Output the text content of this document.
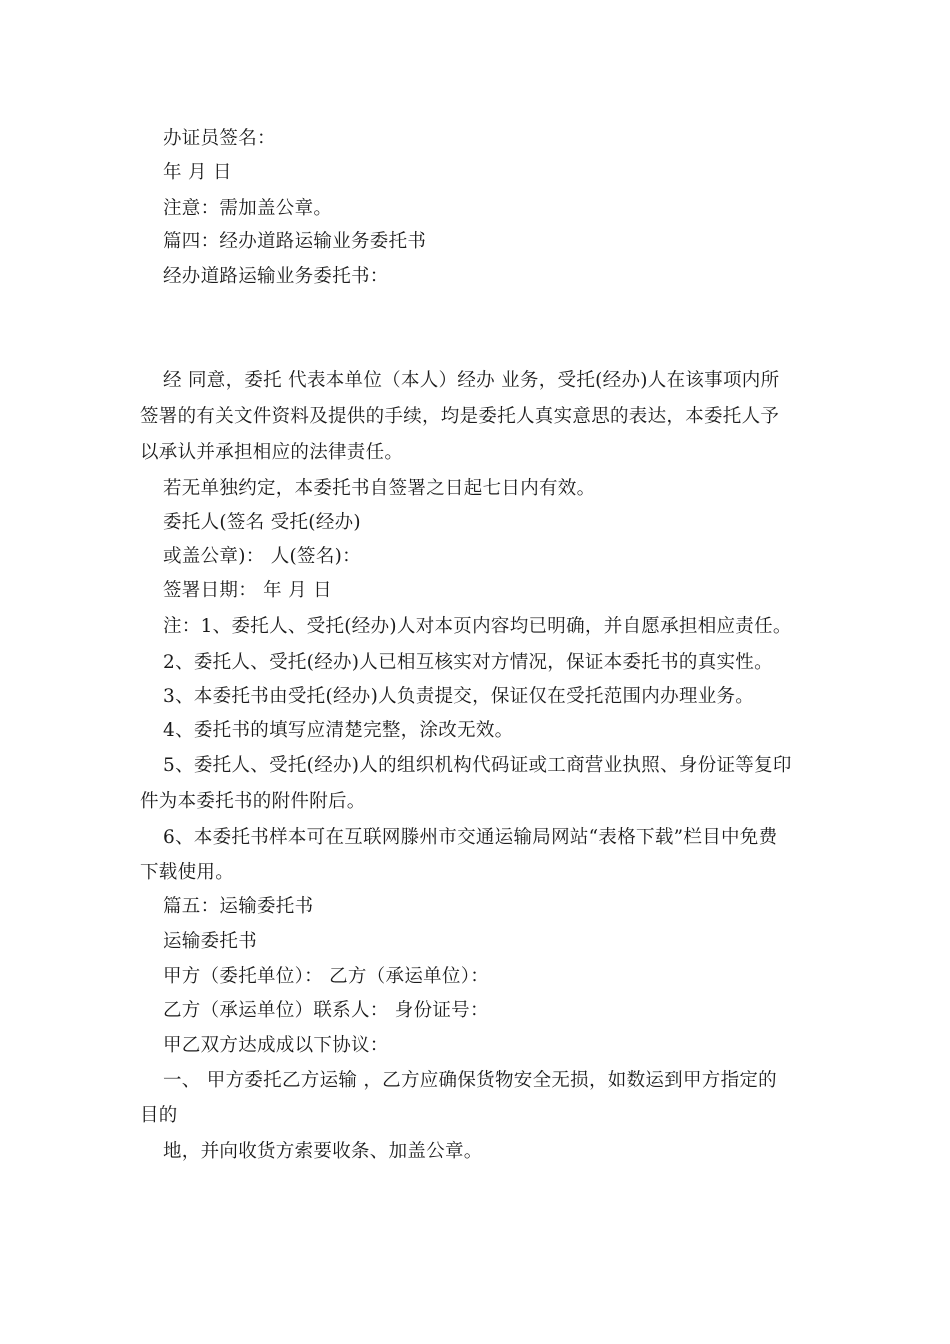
办证员签名：
年 月 日
注意：需加盖公章。
篇四：经办道路运输业务委托书
经办道路运输业务委托书：
经 同意，委托 代表本单位（本人）经办 业务，受托(经办)人在该事项内所
签署的有关文件资料及提供的手续，均是委托人真实意思的表达，本委托人予
以承认并承担相应的法律责任。
若无单独约定，本委托书自签署之日起七日内有效。
委托人(签名 受托(经办)
或盖公章)： 人(签名)：
签署日期： 年 月 日
注：1、委托人、受托(经办)人对本页内容均已明确，并自愿承担相应责任。
2、委托人、受托(经办)人已相互核实对方情况，保证本委托书的真实性。
3、本委托书由受托(经办)人负责提交，保证仅在受托范围内办理业务。
4、委托书的填写应清楚完整，涂改无效。
5、委托人、受托(经办)人的组织机构代码证或工商营业执照、身份证等复印
件为本委托书的附件附后。
6、本委托书样本可在互联网滕州市交通运输局网站“表格下载”栏目中免费
下载使用。
篇五：运输委托书
运输委托书
甲方（委托单位）： 乙方（承运单位）：
乙方（承运单位）联系人： 身份证号：
甲乙双方达成成以下协议：
一、 甲方委托乙方运输 ，乙方应确保货物安全无损，如数运到甲方指定的
目的
地，并向收货方索要收条、加盖公章。
